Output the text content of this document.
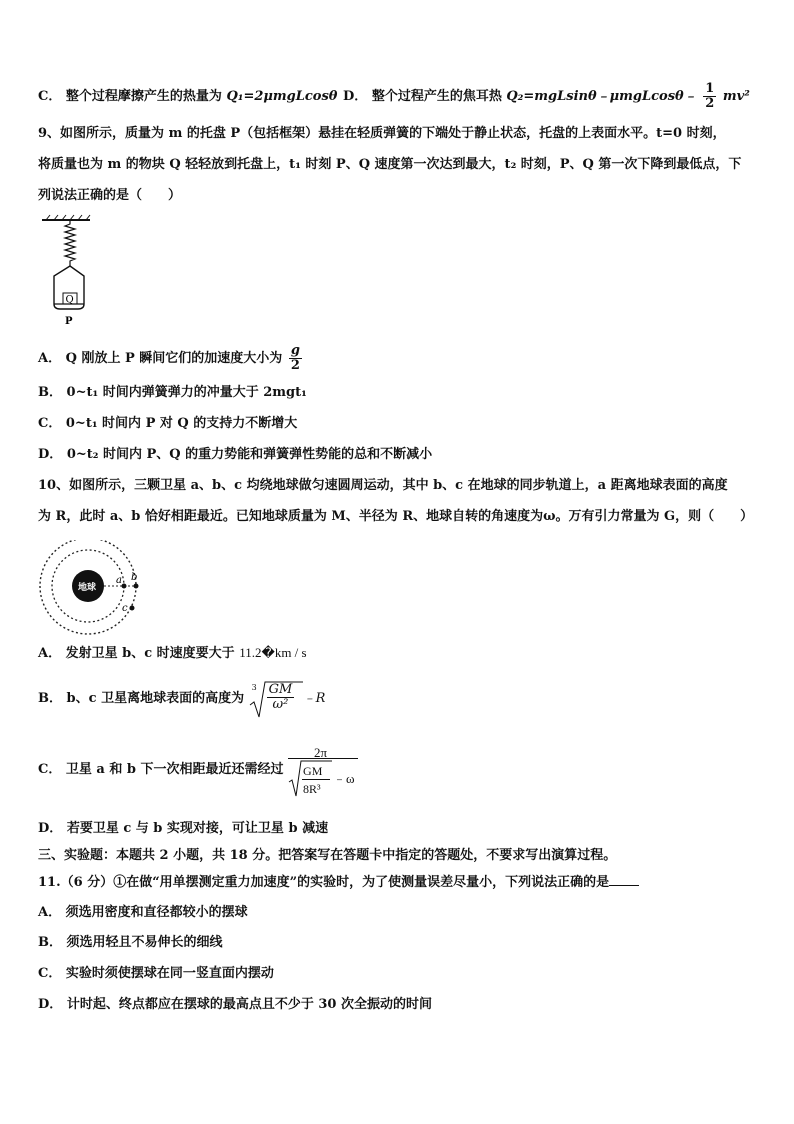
C． 整个过程摩擦产生的热量为 Q₁=2μmgLcosθ D． 整个过程产生的焦耳热 Q₂=mgLsinθ﹣μmgLcosθ﹣ $\frac{1}{2} mv^2$
9、如图所示，质量为 m 的托盘 P（包括框架）悬挂在轻质弹簧的下端处于静止状态，托盘的上表面水平。t=0 时刻，
将质量也为 m 的物块 Q 轻轻放到托盘上，t₁ 时刻 P、Q 速度第一次达到最大，t₂ 时刻，P、Q 第一次下降到最低点，下
列说法正确的是（　　）
Q
P
A． Q 刚放上 P 瞬间它们的加速度大小为 $\frac{g}{2}$
B． 0~t₁ 时间内弹簧弹力的冲量大于 2mgt₁
C． 0~t₁ 时间内 P 对 Q 的支持力不断增大
D． 0~t₂ 时间内 P、Q 的重力势能和弹簧弹性势能的总和不断减小
10、如图所示，三颗卫星 a、b、c 均绕地球做匀速圆周运动，其中 b、c 在地球的同步轨道上，a 距离地球表面的高度
为 R，此时 a、b 恰好相距最近。已知地球质量为 M、半径为 R、地球自转的角速度为ω。万有引力常量为 G，则（　　）
地球
a b
c
A． 发射卫星 b、c 时速度要大于 11.2�km / s
B． b、c 卫星离地球表面的高度为
$3 \frac{GM}{\text{ω²}}$ ﹣R
C． 卫星 a 和 b 下一次相距最近还需经过
2π
GM
8R³
﹣ω
D． 若要卫星 c 与 b 实现对接，可让卫星 b 减速
三、实验题：本题共 2 小题，共 18 分。把答案写在答题卡中指定的答题处，不要求写出演算过程。
11.（6 分）①在做“用单摆测定重力加速度”的实验时，为了使测量误差尽量小，下列说法正确的是
A． 须选用密度和直径都较小的摆球
B． 须选用轻且不易伸长的细线
C． 实验时须使摆球在同一竖直面内摆动
D． 计时起、终点都应在摆球的最高点且不少于 30 次全振动的时间
